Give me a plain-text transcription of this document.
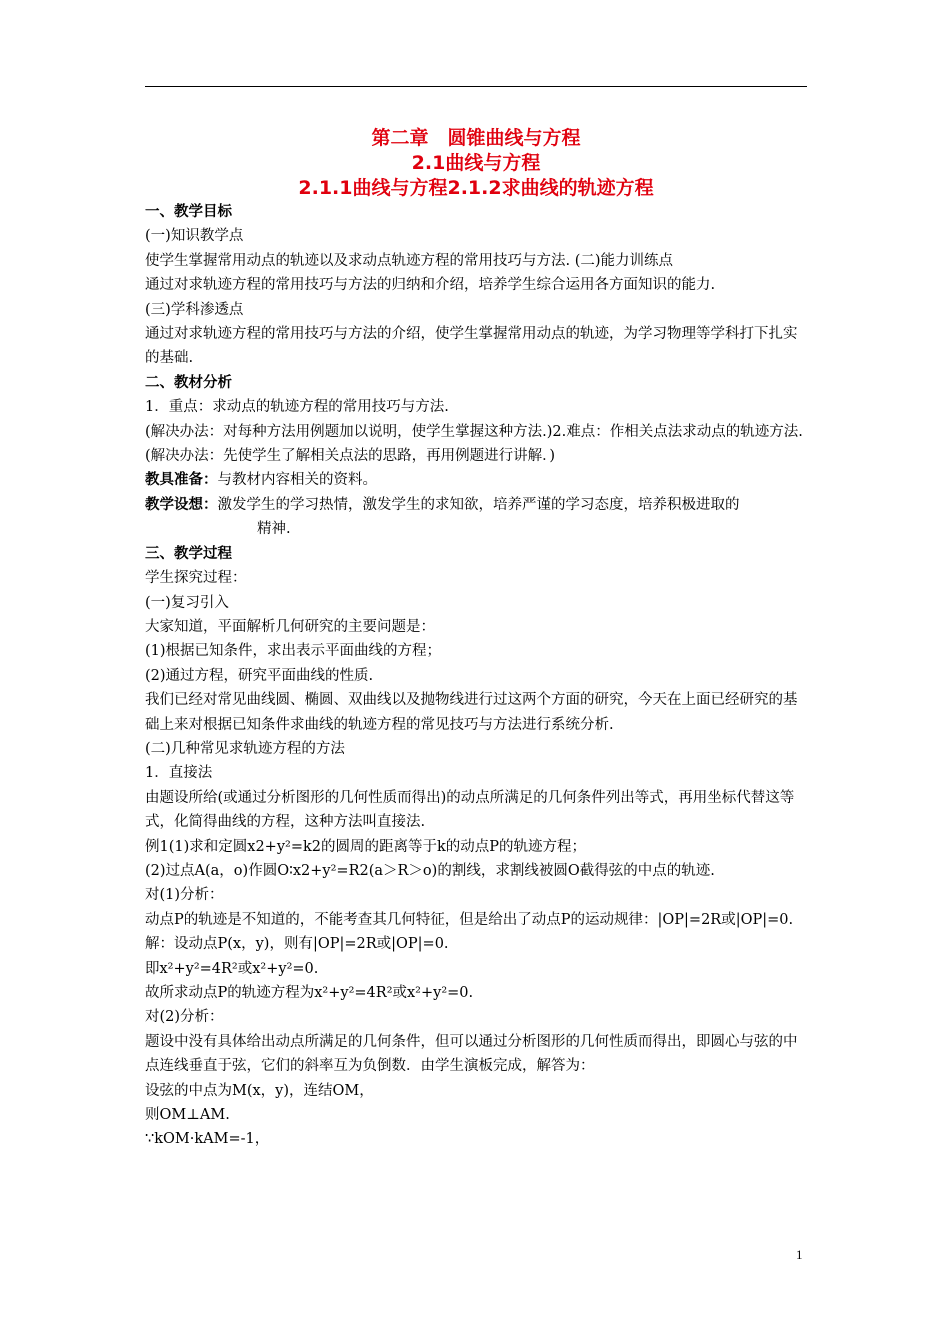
第二章　圆锥曲线与方程
2.1曲线与方程
2.1.1曲线与方程2.1.2求曲线的轨迹方程

一、教学目标

(一)知识教学点

使学生掌握常用动点的轨迹以及求动点轨迹方程的常用技巧与方法. (二)能力训练点

通过对求轨迹方程的常用技巧与方法的归纳和介绍，培养学生综合运用各方面知识的能力.

(三)学科渗透点

通过对求轨迹方程的常用技巧与方法的介绍，使学生掌握常用动点的轨迹，为学习物理等学科打下扎实的基础.

二、教材分析

1．重点：求动点的轨迹方程的常用技巧与方法.

(解决办法：对每种方法用例题加以说明，使学生掌握这种方法.)2.难点：作相关点法求动点的轨迹方法.

(解决办法：先使学生了解相关点法的思路，再用例题进行讲解．)

教具准备：与教材内容相关的资料。

教学设想：激发学生的学习热情，激发学生的求知欲，培养严谨的学习态度，培养积极进取的

精神.

三、教学过程

学生探究过程：

(一)复习引入

大家知道，平面解析几何研究的主要问题是：

(1)根据已知条件，求出表示平面曲线的方程；

(2)通过方程，研究平面曲线的性质.

我们已经对常见曲线圆、椭圆、双曲线以及抛物线进行过这两个方面的研究，今天在上面已经研究的基础上来对根据已知条件求曲线的轨迹方程的常见技巧与方法进行系统分析.

(二)几种常见求轨迹方程的方法

1．直接法

由题设所给(或通过分析图形的几何性质而得出)的动点所满足的几何条件列出等式，再用坐标代替这等式，化简得曲线的方程，这种方法叫直接法.

例1(1)求和定圆x2+y²=k2的圆周的距离等于k的动点P的轨迹方程；

(2)过点A(a，o)作圆O∶x2+y²=R2(a＞R＞o)的割线，求割线被圆O截得弦的中点的轨迹.

对(1)分析：

动点P的轨迹是不知道的，不能考查其几何特征，但是给出了动点P的运动规律：|OP|=2R或|OP|=0.

解：设动点P(x，y)，则有|OP|=2R或|OP|=0.

即x²+y²=4R²或x²+y²=0.

故所求动点P的轨迹方程为x²+y²=4R²或x²+y²=0.

对(2)分析：

题设中没有具体给出动点所满足的几何条件，但可以通过分析图形的几何性质而得出，即圆心与弦的中点连线垂直于弦，它们的斜率互为负倒数．由学生演板完成，解答为：

设弦的中点为M(x，y)，连结OM，

则OM⊥AM.

∵kOM·kAM=-1，

1
